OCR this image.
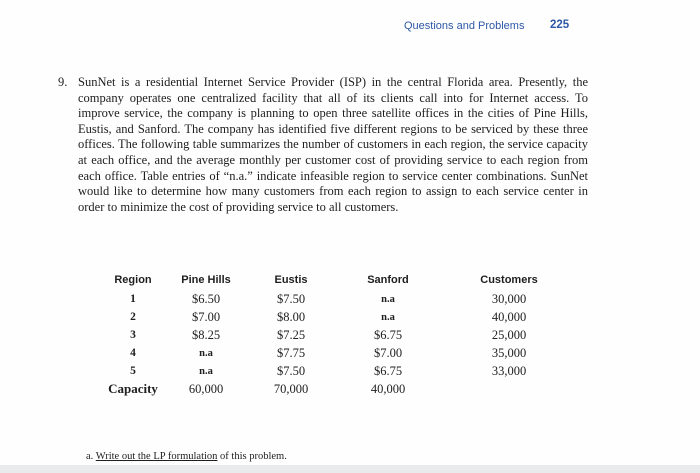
Questions and Problems 225
9. SunNet is a residential Internet Service Provider (ISP) in the central Florida area. Presently, the company operates one centralized facility that all of its clients call into for Internet access. To improve service, the company is planning to open three satellite offices in the cities of Pine Hills, Eustis, and Sanford. The company has identified five different regions to be serviced by these three offices. The following table summarizes the number of customers in each region, the service capacity at each office, and the average monthly per customer cost of providing service to each region from each office. Table entries of “n.a.” indicate infeasible region to service center combinations. SunNet would like to determine how many customers from each region to assign to each service center in order to minimize the cost of providing service to all customers.

Region	Pine Hills	Eustis	Sanford	Customers
1	$6.50	$7.50	n.a	30,000
2	$7.00	$8.00	n.a	40,000
3	$8.25	$7.25	$6.75	25,000
4	n.a	$7.75	$7.00	35,000
5	n.a	$7.50	$6.75	33,000
Capacity	60,000	70,000	40,000	
a. Write out the LP formulation of this problem.
